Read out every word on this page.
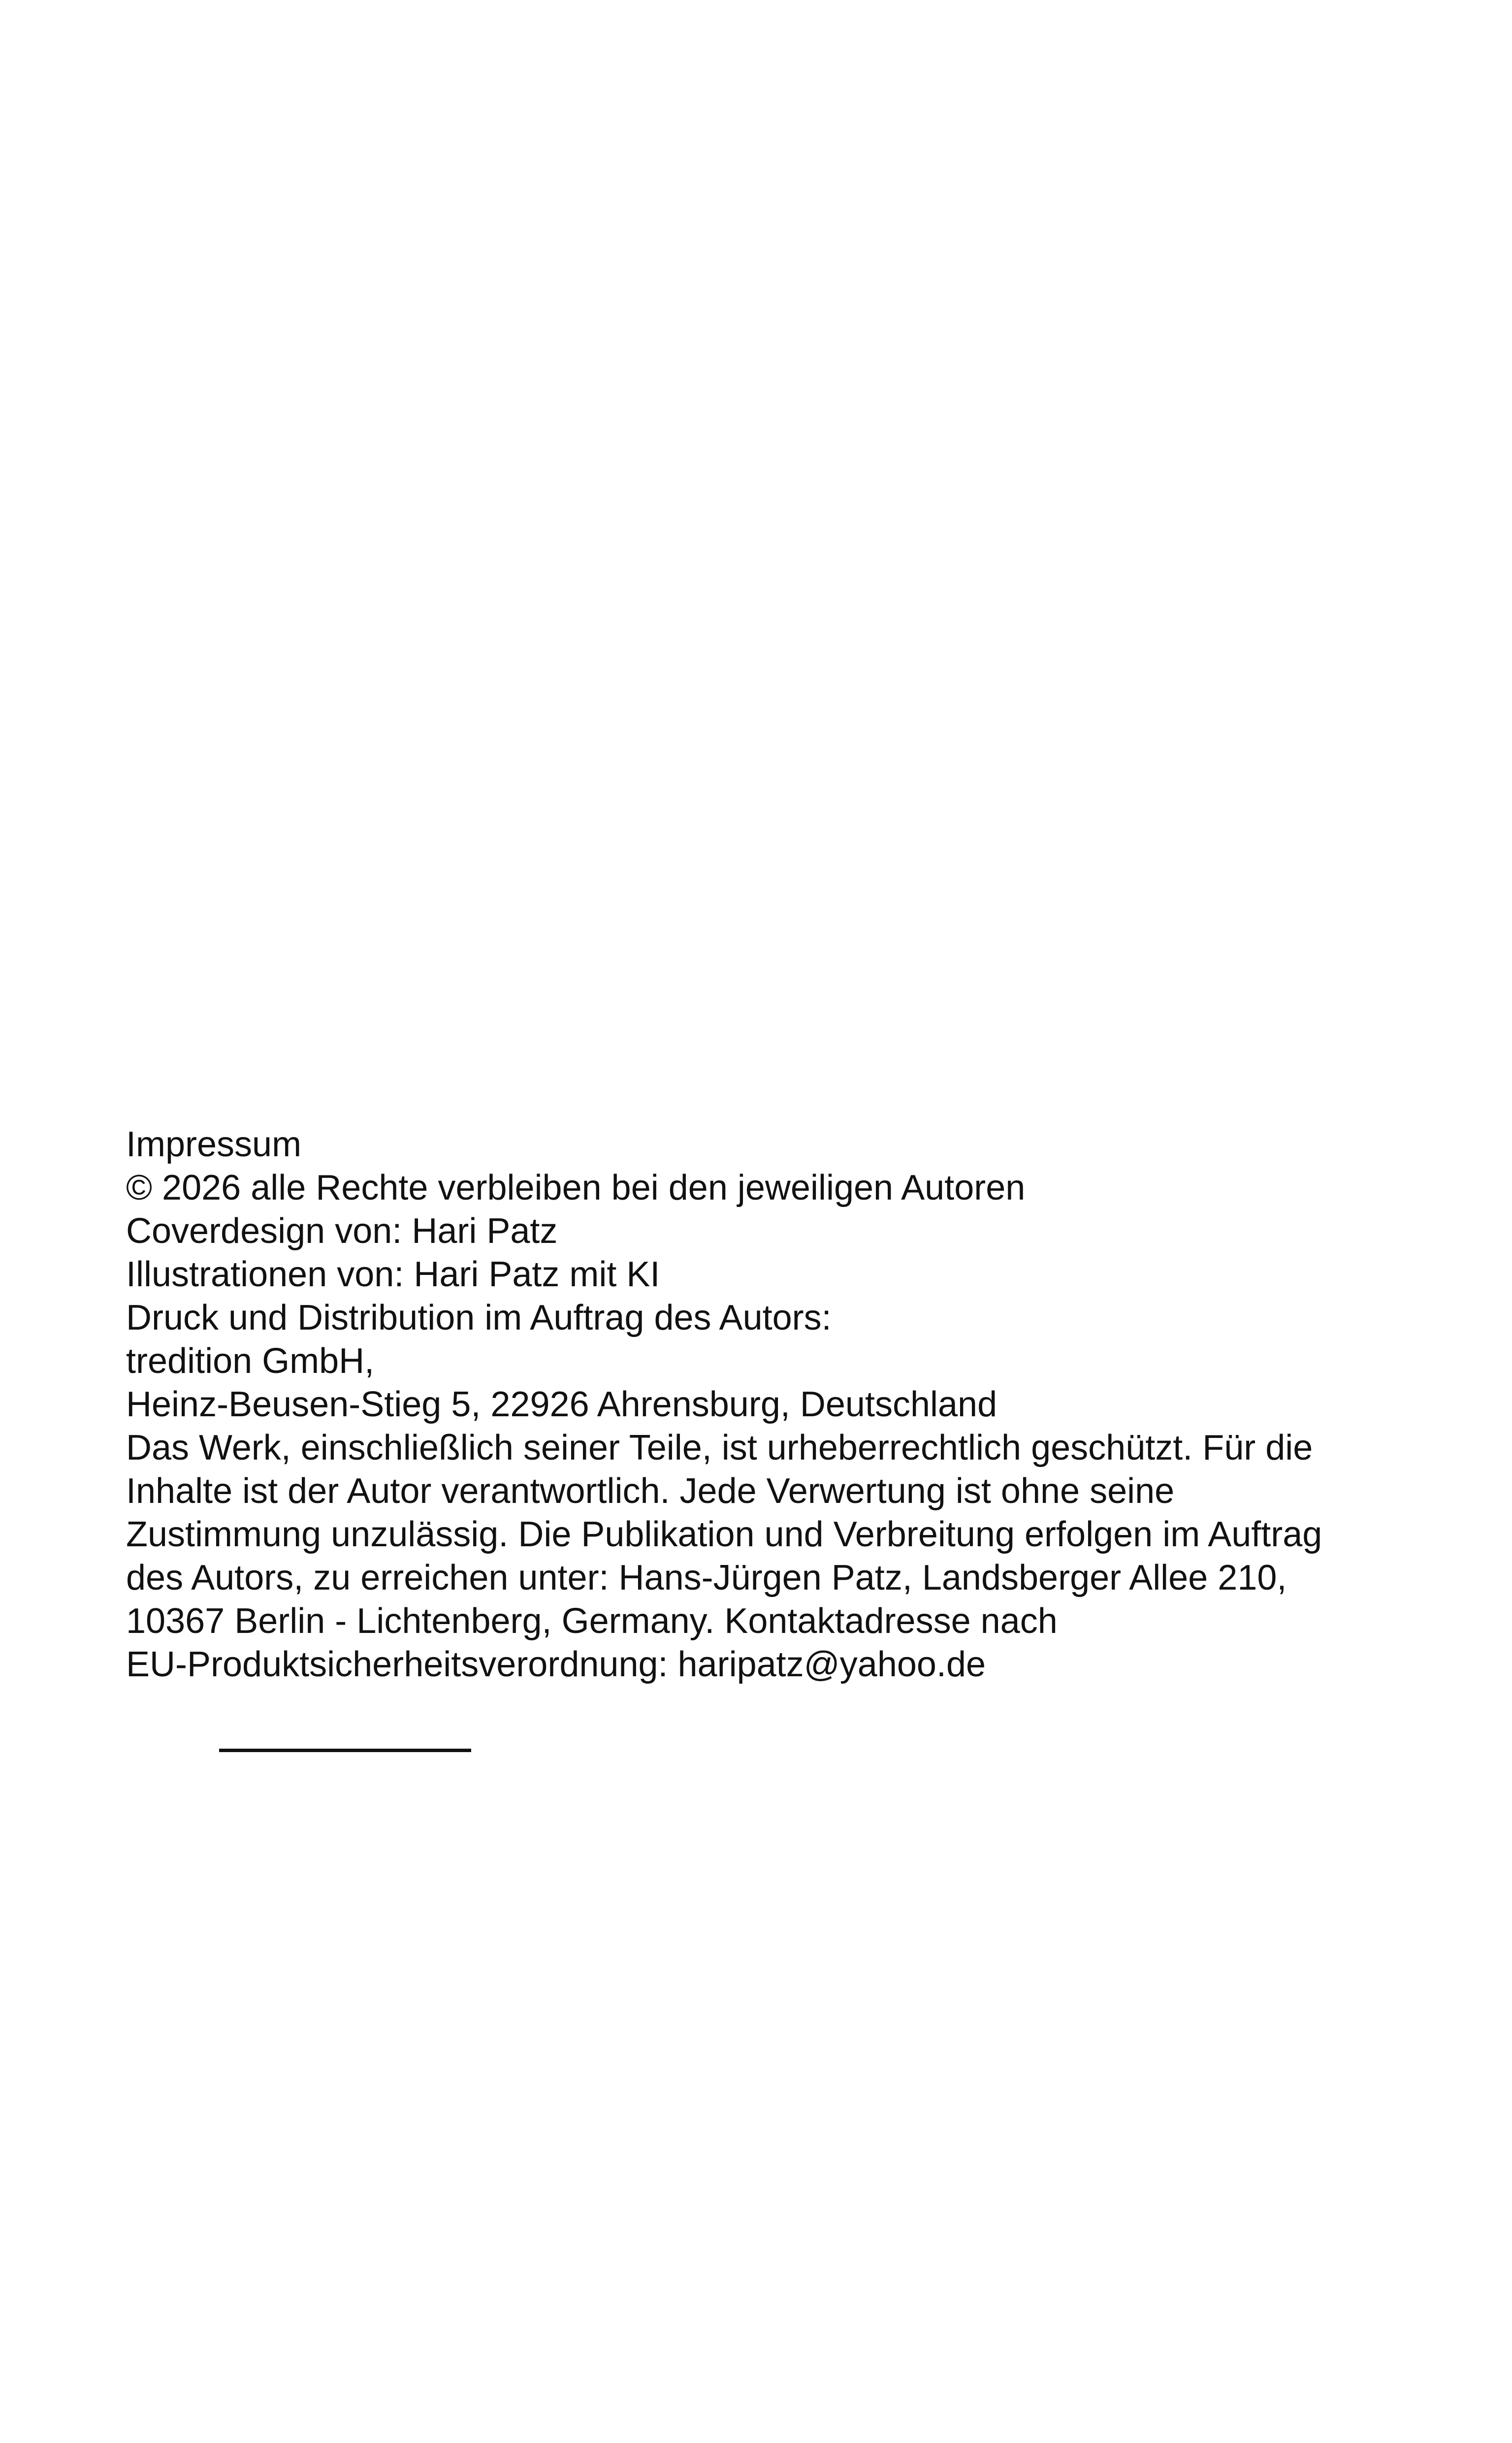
Impressum
© 2026 alle Rechte verbleiben bei den jeweiligen Autoren
Coverdesign von: Hari Patz
Illustrationen von: Hari Patz mit KI
Druck und Distribution im Auftrag des Autors:
tredition GmbH,
Heinz-Beusen-Stieg 5, 22926 Ahrensburg, Deutschland
Das Werk, einschließlich seiner Teile, ist urheberrechtlich geschützt. Für die
Inhalte ist der Autor verantwortlich. Jede Verwertung ist ohne seine
Zustimmung unzulässig. Die Publikation und Verbreitung erfolgen im Auftrag
des Autors, zu erreichen unter: Hans-Jürgen Patz, Landsberger Allee 210,
10367 Berlin - Lichtenberg, Germany. Kontaktadresse nach
EU-Produktsicherheitsverordnung: haripatz@yahoo.de
